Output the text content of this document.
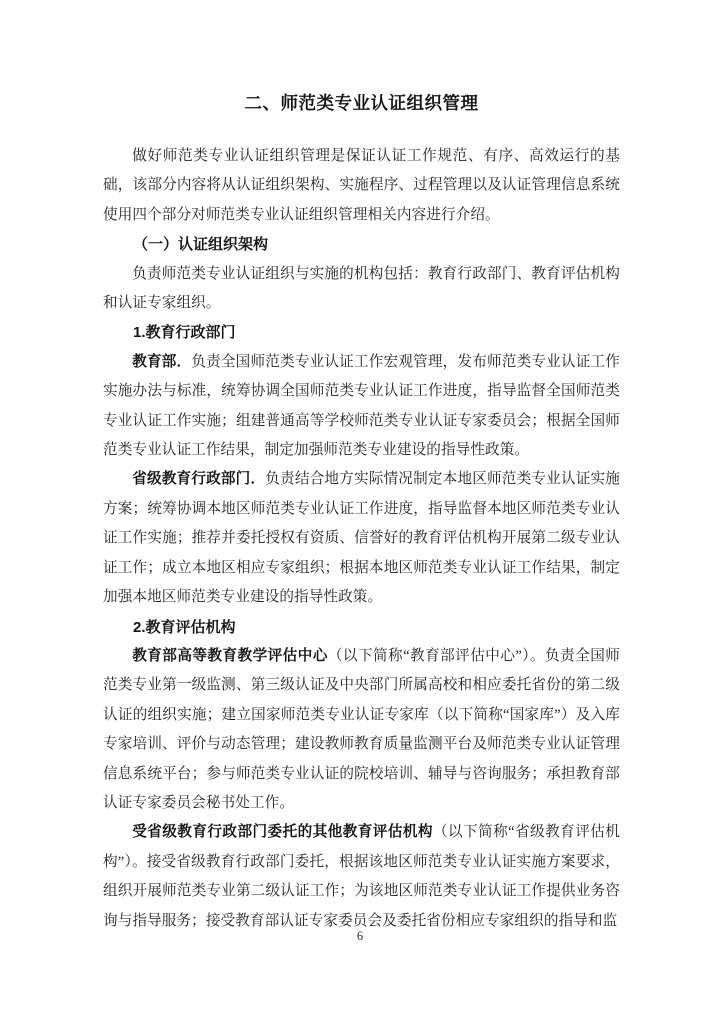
二、师范类专业认证组织管理

做好师范类专业认证组织管理是保证认证工作规范、有序、高效运行的基础，该部分内容将从认证组织架构、实施程序、过程管理以及认证管理信息系统使用四个部分对师范类专业认证组织管理相关内容进行介绍。

（一）认证组织架构

负责师范类专业认证组织与实施的机构包括：教育行政部门、教育评估机构和认证专家组织。

1.教育行政部门

教育部．负责全国师范类专业认证工作宏观管理，发布师范类专业认证工作实施办法与标准，统筹协调全国师范类专业认证工作进度，指导监督全国师范类专业认证工作实施；组建普通高等学校师范类专业认证专家委员会；根据全国师范类专业认证工作结果，制定加强师范类专业建设的指导性政策。

省级教育行政部门．负责结合地方实际情况制定本地区师范类专业认证实施方案；统筹协调本地区师范类专业认证工作进度，指导监督本地区师范类专业认证工作实施；推荐并委托授权有资质、信誉好的教育评估机构开展第二级专业认证工作；成立本地区相应专家组织；根据本地区师范类专业认证工作结果，制定加强本地区师范类专业建设的指导性政策。

2.教育评估机构

教育部高等教育教学评估中心（以下简称“教育部评估中心”）。负责全国师范类专业第一级监测、第三级认证及中央部门所属高校和相应委托省份的第二级认证的组织实施；建立国家师范类专业认证专家库（以下简称“国家库”）及入库专家培训、评价与动态管理；建设教师教育质量监测平台及师范类专业认证管理信息系统平台；参与师范类专业认证的院校培训、辅导与咨询服务；承担教育部认证专家委员会秘书处工作。

受省级教育行政部门委托的其他教育评估机构（以下简称“省级教育评估机构”）。接受省级教育行政部门委托，根据该地区师范类专业认证实施方案要求，组织开展师范类专业第二级认证工作；为该地区师范类专业认证工作提供业务咨询与指导服务；接受教育部认证专家委员会及委托省份相应专家组织的指导和监

6
